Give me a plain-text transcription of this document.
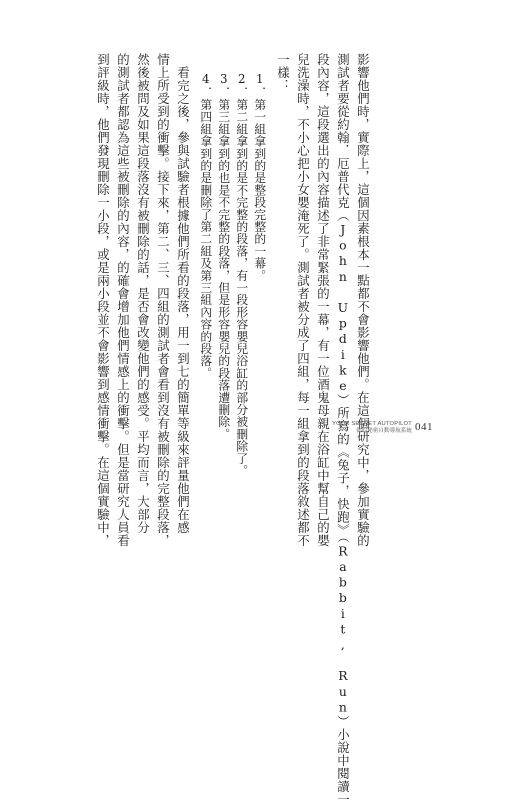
影響他們時，實際上，這個因素根本一點都不會影響他們。在這個研究中，參加實驗的
測試者要從約翰．厄普代克（John Updike）所寫的《兔子，快跑》（Rabbit, Run）小說中閱讀一
段內容，這段選出的內容描述了非常緊張的一幕，有一位酒鬼母親在浴缸中幫自己的嬰
兒洗澡時，不小心把小女嬰淹死了。測試者被分成了四組，每一組拿到的段落敘述都不
一樣：
1．第一組拿到的是整段完整的一幕。
2．第二組拿到的是不完整的段落，有一段形容嬰兒浴缸的部分被刪除了。
3．第三組拿到的也是不完整的段落，但是形容嬰兒的段落遭刪除。
4．第四組拿到的是刪除了第二組及第三組內容的段落。
看完之後，參與試驗者根據他們所看的段落，用一到七的簡單等級來評量他們在感
情上所受到的衝擊。接下來，第二、三、四組的測試者會看到沒有被刪除的完整段落，
然後被問及如果這段落沒有被刪除的話，是否會改變他們的感受。平均而言，大部分
的測試者都認為這些被刪除的內容，的確會增加他們情感上的衝擊。但是當研究人員看
到評級時，他們發現刪除一小段，或是兩小段並不會影響到感情衝擊。在這個實驗中，	YOUR SECRET AUTOPILOT
你的秘密自動導航系統 041
